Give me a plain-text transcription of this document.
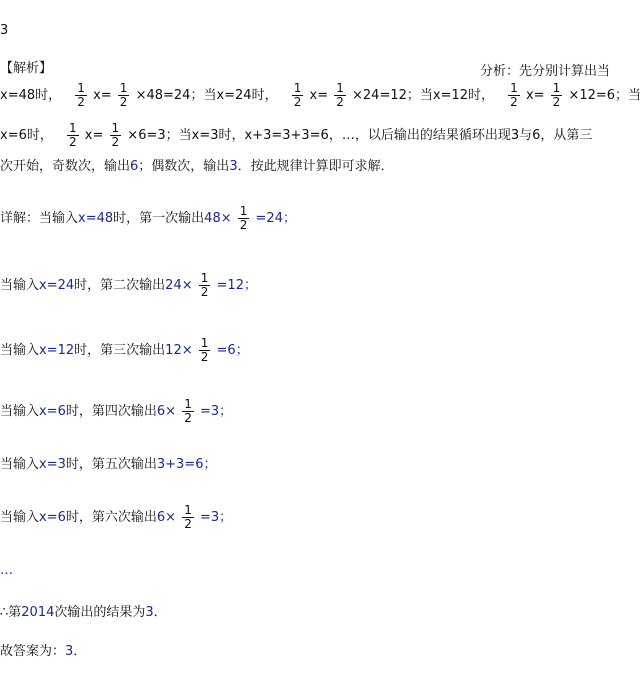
3
【解析】	分析：先分别计算出当
x=48时， $\frac{1}{2} x= \frac{1}{2} \times 48=24$；当x=24时， $\frac{1}{2} x= \frac{1}{2} \times 24=12$；当x=12时， $\frac{1}{2} x= \frac{1}{2} \times 12=6$；当
x=6时， $\frac{1}{2} x= \frac{1}{2} \times 6=3$；当x=3时，x+3=3+3=6，…，以后输出的结果循环出现3与6，从第三
次开始，奇数次，输出6；偶数次，输出3．按此规律计算即可求解．
详解：当输入x=48时，第一次输出$48\times \frac{1}{2} =24$；
当输入x=24时，第二次输出$24\times \frac{1}{2} =12$；
当输入x=12时，第三次输出$12\times \frac{1}{2} =6$；
当输入x=6时，第四次输出$6\times \frac{1}{2} =3$；
当输入x=3时，第五次输出3+3=6；
当输入x=6时，第六次输出$6\times \frac{1}{2} =3$；
…
∴第2014次输出的结果为3．
故答案为：3．
